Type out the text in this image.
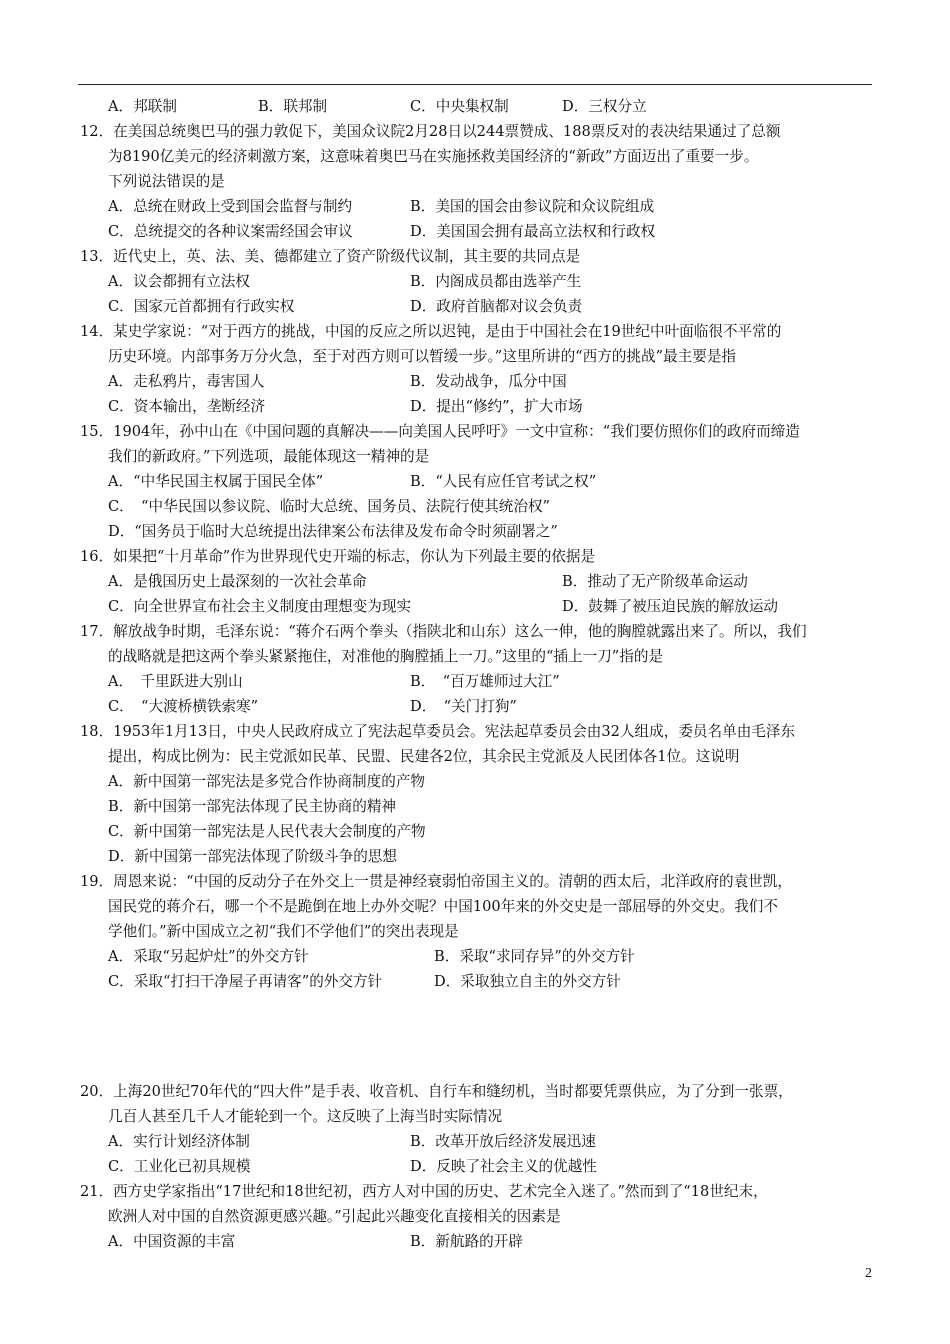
A．邦联制	B．联邦制	C．中央集权制	D．三权分立
12．在美国总统奥巴马的强力敦促下，美国众议院2月28日以244票赞成、188票反对的表决结果通过了总额
为8190亿美元的经济刺激方案，这意味着奥巴马在实施拯救美国经济的“新政”方面迈出了重要一步。
下列说法错误的是
A．总统在财政上受到国会监督与制约	B．美国的国会由参议院和众议院组成
C．总统提交的各种议案需经国会审议	D．美国国会拥有最高立法权和行政权
13．近代史上，英、法、美、德都建立了资产阶级代议制，其主要的共同点是
A．议会都拥有立法权	B．内阁成员都由选举产生
C．国家元首都拥有行政实权	D．政府首脑都对议会负责
14．某史学家说：“对于西方的挑战，中国的反应之所以迟钝，是由于中国社会在19世纪中叶面临很不平常的
历史环境。内部事务万分火急，至于对西方则可以暂缓一步。”这里所讲的“西方的挑战”最主要是指
A．走私鸦片，毒害国人	B．发动战争，瓜分中国
C．资本输出，垄断经济	D．提出“修约”，扩大市场
15．1904年，孙中山在《中国问题的真解决——向美国人民呼吁》一文中宣称：“我们要仿照你们的政府而缔造
我们的新政府。”下列选项，最能体现这一精神的是
A．“中华民国主权属于国民全体”	B．“人民有应任官考试之权”
C．　“中华民国以参议院、临时大总统、国务员、法院行使其统治权”
D．“国务员于临时大总统提出法律案公布法律及发布命令时须副署之”
16．如果把“十月革命”作为世界现代史开端的标志，你认为下列最主要的依据是
A．是俄国历史上最深刻的一次社会革命	B．推动了无产阶级革命运动
C．向全世界宣布社会主义制度由理想变为现实	D．鼓舞了被压迫民族的解放运动
17．解放战争时期，毛泽东说：“蒋介石两个拳头（指陕北和山东）这么一伸，他的胸膛就露出来了。所以，我们
的战略就是把这两个拳头紧紧拖住，对准他的胸膛插上一刀。”这里的“插上一刀”指的是
A．　千里跃进大别山	B．　“百万雄师过大江”
C．　“大渡桥横铁索寒”	D．　“关门打狗”
18．1953年1月13日，中央人民政府成立了宪法起草委员会。宪法起草委员会由32人组成，委员名单由毛泽东
提出，构成比例为：民主党派如民革、民盟、民建各2位，其余民主党派及人民团体各1位。这说明
A．新中国第一部宪法是多党合作协商制度的产物
B．新中国第一部宪法体现了民主协商的精神
C．新中国第一部宪法是人民代表大会制度的产物
D．新中国第一部宪法体现了阶级斗争的思想
19．周恩来说：“中国的反动分子在外交上一贯是神经衰弱怕帝国主义的。清朝的西太后，北洋政府的袁世凯，
国民党的蒋介石，哪一个不是跪倒在地上办外交呢？中国100年来的外交史是一部屈辱的外交史。我们不
学他们。”新中国成立之初“我们不学他们”的突出表现是
A．采取“另起炉灶”的外交方针	B．采取“求同存异”的外交方针
C．采取“打扫干净屋子再请客”的外交方针	D．采取独立自主的外交方针
20．上海20世纪70年代的“四大件”是手表、收音机、自行车和缝纫机，当时都要凭票供应，为了分到一张票，
几百人甚至几千人才能轮到一个。这反映了上海当时实际情况
A．实行计划经济体制	B．改革开放后经济发展迅速
C．工业化已初具规模	D．反映了社会主义的优越性
21．西方史学家指出“17世纪和18世纪初，西方人对中国的历史、艺术完全入迷了。”然而到了“18世纪末，
欧洲人对中国的自然资源更感兴趣。”引起此兴趣变化直接相关的因素是
A．中国资源的丰富	B．新航路的开辟
2
